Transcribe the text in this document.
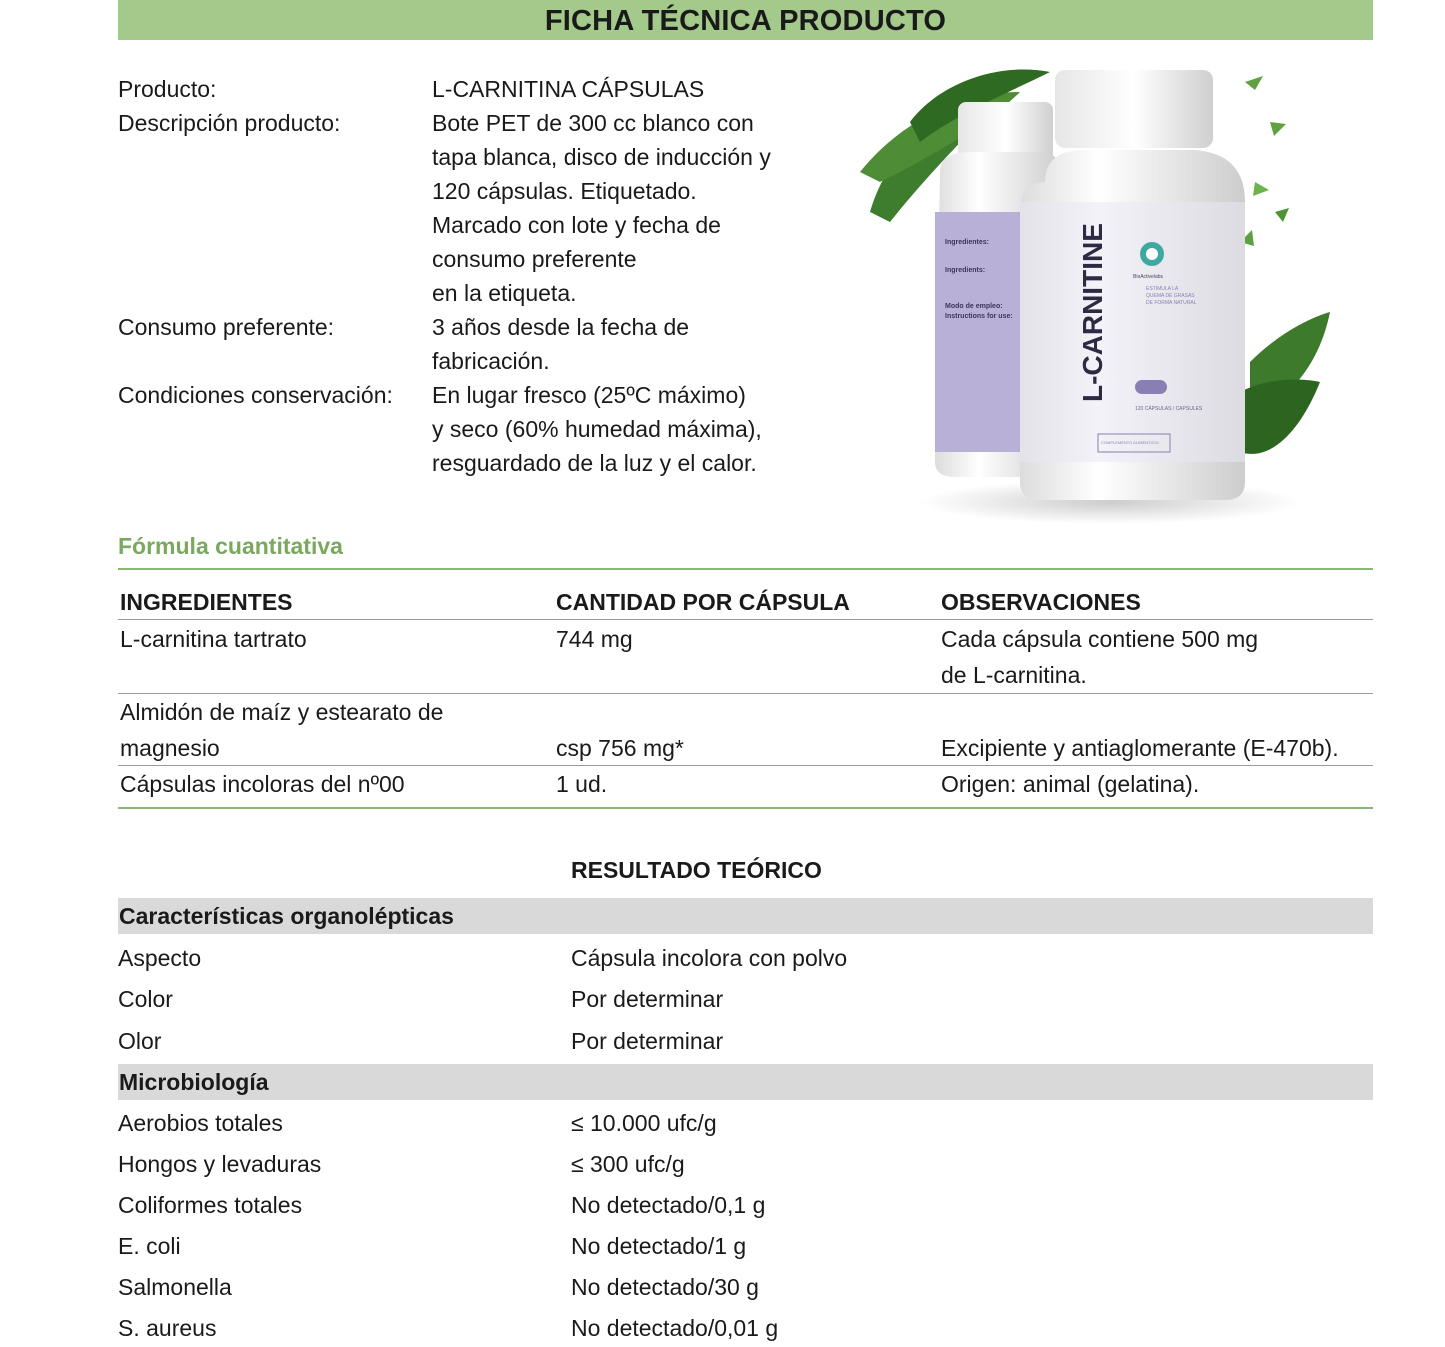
FICHA TÉCNICA PRODUCTO
Producto:	L-CARNITINA CÁPSULAS
Descripción producto:	Bote PET de 300 cc blanco con
tapa blanca, disco de inducción y
120 cápsulas. Etiquetado.
Marcado con lote y fecha de
consumo preferente
en la etiqueta.
Consumo preferente:	3 años desde la fecha de
fabricación.
Condiciones conservación:	En lugar fresco (25ºC máximo)
y seco (60% humedad máxima),
resguardado de la luz y el calor.
Ingredientes:
Ingredients:
Modo de empleo:
Instructions for use: L-CARNITINE	BioActivelabs
ESTIMULA LA
QUEMA DE GRASAS
DE FORMA NATURAL
120 CÁPSULAS / CAPSULES
COMPLEMENTO ALIMENTICIO
Fórmula cuantitativa
INGREDIENTES	CANTIDAD POR CÁPSULA	OBSERVACIONES
L-carnitina tartrato	744 mg	Cada cápsula contiene 500 mg
de L-carnitina.
Almidón de maíz y estearato de
magnesio	csp 756 mg*	Excipiente y antiaglomerante (E-470b).
Cápsulas incoloras del nº00	1 ud.	Origen: animal (gelatina).
RESULTADO TEÓRICO
Características organolépticas
Aspecto	Cápsula incolora con polvo
Color	Por determinar
Olor	Por determinar
Microbiología
Aerobios totales	≤ 10.000 ufc/g
Hongos y levaduras	≤ 300 ufc/g
Coliformes totales	No detectado/0,1 g
E. coli	No detectado/1 g
Salmonella	No detectado/30 g
S. aureus	No detectado/0,01 g
